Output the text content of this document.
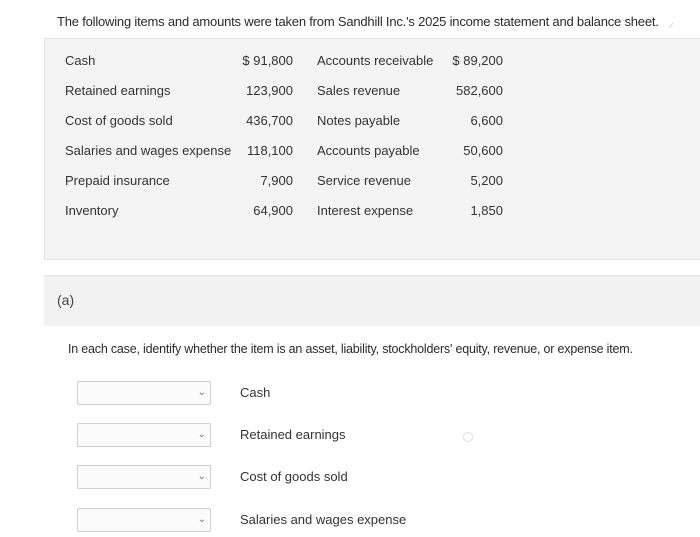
The following items and amounts were taken from Sandhill Inc.'s 2025 income statement and balance sheet.
Cash	$ 91,800 Accounts receivable $ 89,200
Retained earnings	123,900 Sales revenue	582,600
Cost of goods sold	436,700 Notes payable	6,600
Salaries and wages expense 118,100 Accounts payable	50,600
Prepaid insurance	7,900 Service revenue	5,200
Inventory	64,900 Interest expense	1,850
(a)
In each case, identify whether the item is an asset, liability, stockholders' equity, revenue, or expense item.
⌄	Cash
⌄	Retained earnings
⌄	Cost of goods sold
⌄	Salaries and wages expense
